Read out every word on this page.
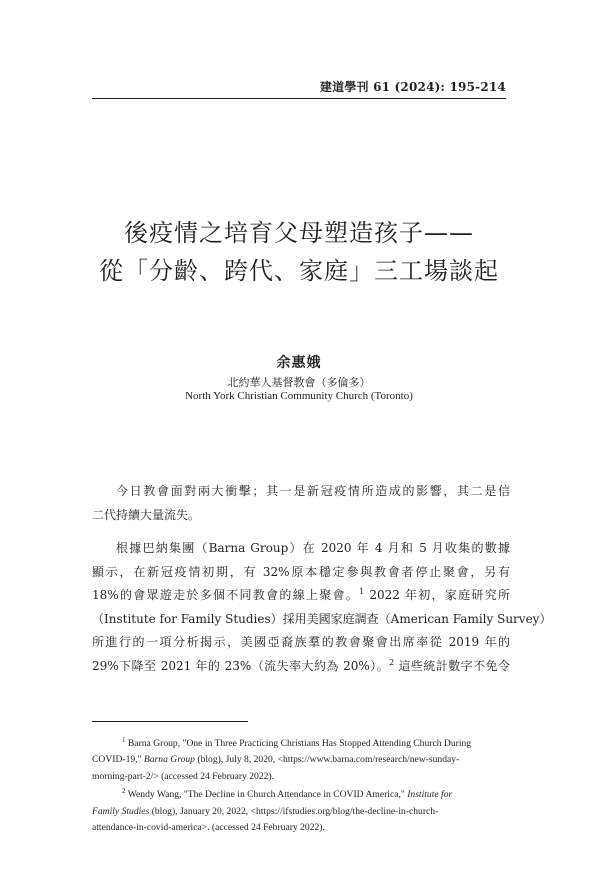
建道學刊 61 (2024): 195-214
後疫情之培育父母塑造孩子——
從「分齡、跨代、家庭」三工場談起
余惠娥
北約華人基督教會（多倫多）
North York Christian Community Church (Toronto)
今日教會面對兩大衝擊；其一是新冠疫情所造成的影響，其二是信
二代持續大量流失。
根據巴納集團（Barna Group）在 2020 年 4 月和 5 月收集的數據
顯示，在新冠疫情初期，有 32%原本穩定參與教會者停止聚會，另有
18%的會眾遊走於多個不同教會的線上聚會。$^1$ 2022 年初，家庭研究所
（Institute for Family Studies）採用美國家庭調查（American Family Survey）
所進行的一項分析揭示，美國亞裔族羣的教會聚會出席率從 2019 年的
29%下降至 2021 年的 23%（流失率大約為 20%）。$^2$ 這些統計數字不免令
$^1$ Barna Group, "One in Three Practicing Christians Has Stopped Attending Church During
COVID-19," Barna Group (blog), July 8, 2020, <https://www.barna.com/research/new-sunday-
morning-part-2/> (accessed 24 February 2022).
$^2$ Wendy Wang, "The Decline in Church Attendance in COVID America," Institute for
Family Studies (blog), January 20, 2022, <https://ifstudies.org/blog/the-decline-in-church-
attendance-in-covid-america>. (accessed 24 February 2022).
